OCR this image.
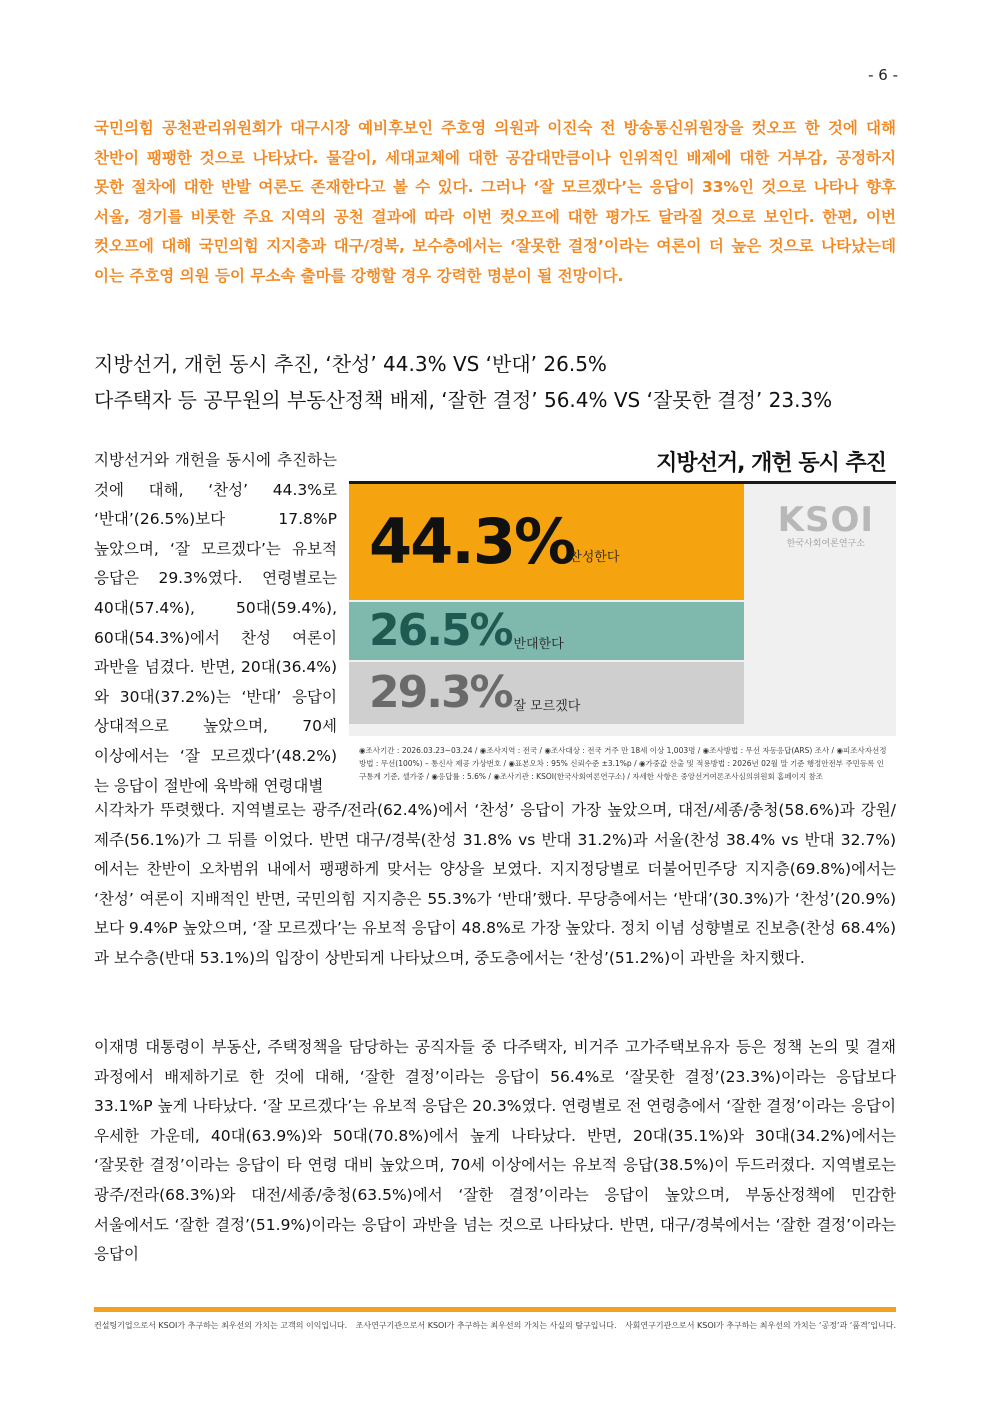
- 6 -

국민의힘 공천관리위원회가 대구시장 예비후보인 주호영 의원과 이진숙 전 방송통신위원장을 컷오프 한 것에 대해 찬반이 팽팽한 것으로 나타났다. 물갈이, 세대교체에 대한 공감대만큼이나 인위적인 배제에 대한 거부감, 공정하지 못한 절차에 대한 반발 여론도 존재한다고 볼 수 있다. 그러나 ‘잘 모르겠다’는 응답이 33%인 것으로 나타나 향후 서울, 경기를 비롯한 주요 지역의 공천 결과에 따라 이번 컷오프에 대한 평가도 달라질 것으로 보인다. 한편, 이번 컷오프에 대해 국민의힘 지지층과 대구/경북, 보수층에서는 ‘잘못한 결정’이라는 여론이 더 높은 것으로 나타났는데 이는 주호영 의원 등이 무소속 출마를 강행할 경우 강력한 명분이 될 전망이다.

지방선거, 개헌 동시 추진, ‘찬성’ 44.3% VS ‘반대’ 26.5%
다주택자 등 공무원의 부동산정책 배제, ‘잘한 결정’ 56.4% VS ‘잘못한 결정’ 23.3%

지방선거와 개헌을 동시에 추진하는 것에 대해, ‘찬성’ 44.3%로 ‘반대’(26.5%)보다 17.8%P 높았으며, ‘잘 모르겠다’는 유보적 응답은 29.3%였다. 연령별로는 40대(57.4%), 50대(59.4%), 60대(54.3%)에서 찬성 여론이 과반을 넘겼다. 반면, 20대(36.4%)와 30대(37.2%)는 ‘반대’ 응답이 상대적으로 높았으며, 70세 이상에서는 ‘잘 모르겠다’(48.2%)는 응답이 절반에 육박해 연령대별

지방선거, 개헌 동시 추진
KSOI
한국사회여론연구소
44.3%
찬성한다
26.5% 반대한다
29.3% 잘 모르겠다
◉조사기간 : 2026.03.23~03.24 / ◉조사지역 : 전국 / ◉조사대상 : 전국 거주 만 18세 이상 1,003명 / ◉조사방법 : 무선 자동응답(ARS) 조사 / ◉피조사자선정방법 : 무선(100%) – 통신사 제공 가상번호 / ◉표본오차 : 95% 신뢰수준 ±3.1%p / ◉가중값 산출 및 적용방법 : 2026년 02월 말 기준 행정안전부 주민등록 인구통계 기준, 셀가중 / ◉응답률 : 5.6% / ◉조사기관 : KSOI(한국사회여론연구소) / 자세한 사항은 중앙선거여론조사심의위원회 홈페이지 참조

시각차가 뚜렷했다. 지역별로는 광주/전라(62.4%)에서 ‘찬성’ 응답이 가장 높았으며, 대전/세종/충청(58.6%)과 강원/제주(56.1%)가 그 뒤를 이었다. 반면 대구/경북(찬성 31.8% vs 반대 31.2%)과 서울(찬성 38.4% vs 반대 32.7%)에서는 찬반이 오차범위 내에서 팽팽하게 맞서는 양상을 보였다. 지지정당별로 더불어민주당 지지층(69.8%)에서는 ‘찬성’ 여론이 지배적인 반면, 국민의힘 지지층은 55.3%가 ‘반대’했다. 무당층에서는 ‘반대’(30.3%)가 ‘찬성’(20.9%)보다 9.4%P 높았으며, ‘잘 모르겠다’는 유보적 응답이 48.8%로 가장 높았다. 정치 이념 성향별로 진보층(찬성 68.4%)과 보수층(반대 53.1%)의 입장이 상반되게 나타났으며, 중도층에서는 ‘찬성’(51.2%)이 과반을 차지했다.

이재명 대통령이 부동산, 주택정책을 담당하는 공직자들 중 다주택자, 비거주 고가주택보유자 등은 정책 논의 및 결재 과정에서 배제하기로 한 것에 대해, ‘잘한 결정’이라는 응답이 56.4%로 ‘잘못한 결정’(23.3%)이라는 응답보다 33.1%P 높게 나타났다. ‘잘 모르겠다’는 유보적 응답은 20.3%였다. 연령별로 전 연령층에서 ‘잘한 결정’이라는 응답이 우세한 가운데, 40대(63.9%)와 50대(70.8%)에서 높게 나타났다. 반면, 20대(35.1%)와 30대(34.2%)에서는 ‘잘못한 결정’이라는 응답이 타 연령 대비 높았으며, 70세 이상에서는 유보적 응답(38.5%)이 두드러졌다. 지역별로는 광주/전라(68.3%)와 대전/세종/충청(63.5%)에서 ‘잘한 결정’이라는 응답이 높았으며, 부동산정책에 민감한 서울에서도 ‘잘한 결정’(51.9%)이라는 응답이 과반을 넘는 것으로 나타났다. 반면, 대구/경북에서는 ‘잘한 결정’이라는 응답이

컨설팅기업으로서 KSOI가 추구하는 최우선의 가치는 고객의 이익입니다. 조사연구기관으로서 KSOI가 추구하는 최우선의 가치는 사실의 탐구입니다. 사회연구기관으로서 KSOI가 추구하는 최우선의 가치는 ‘공정’과 ‘품격’입니다.
